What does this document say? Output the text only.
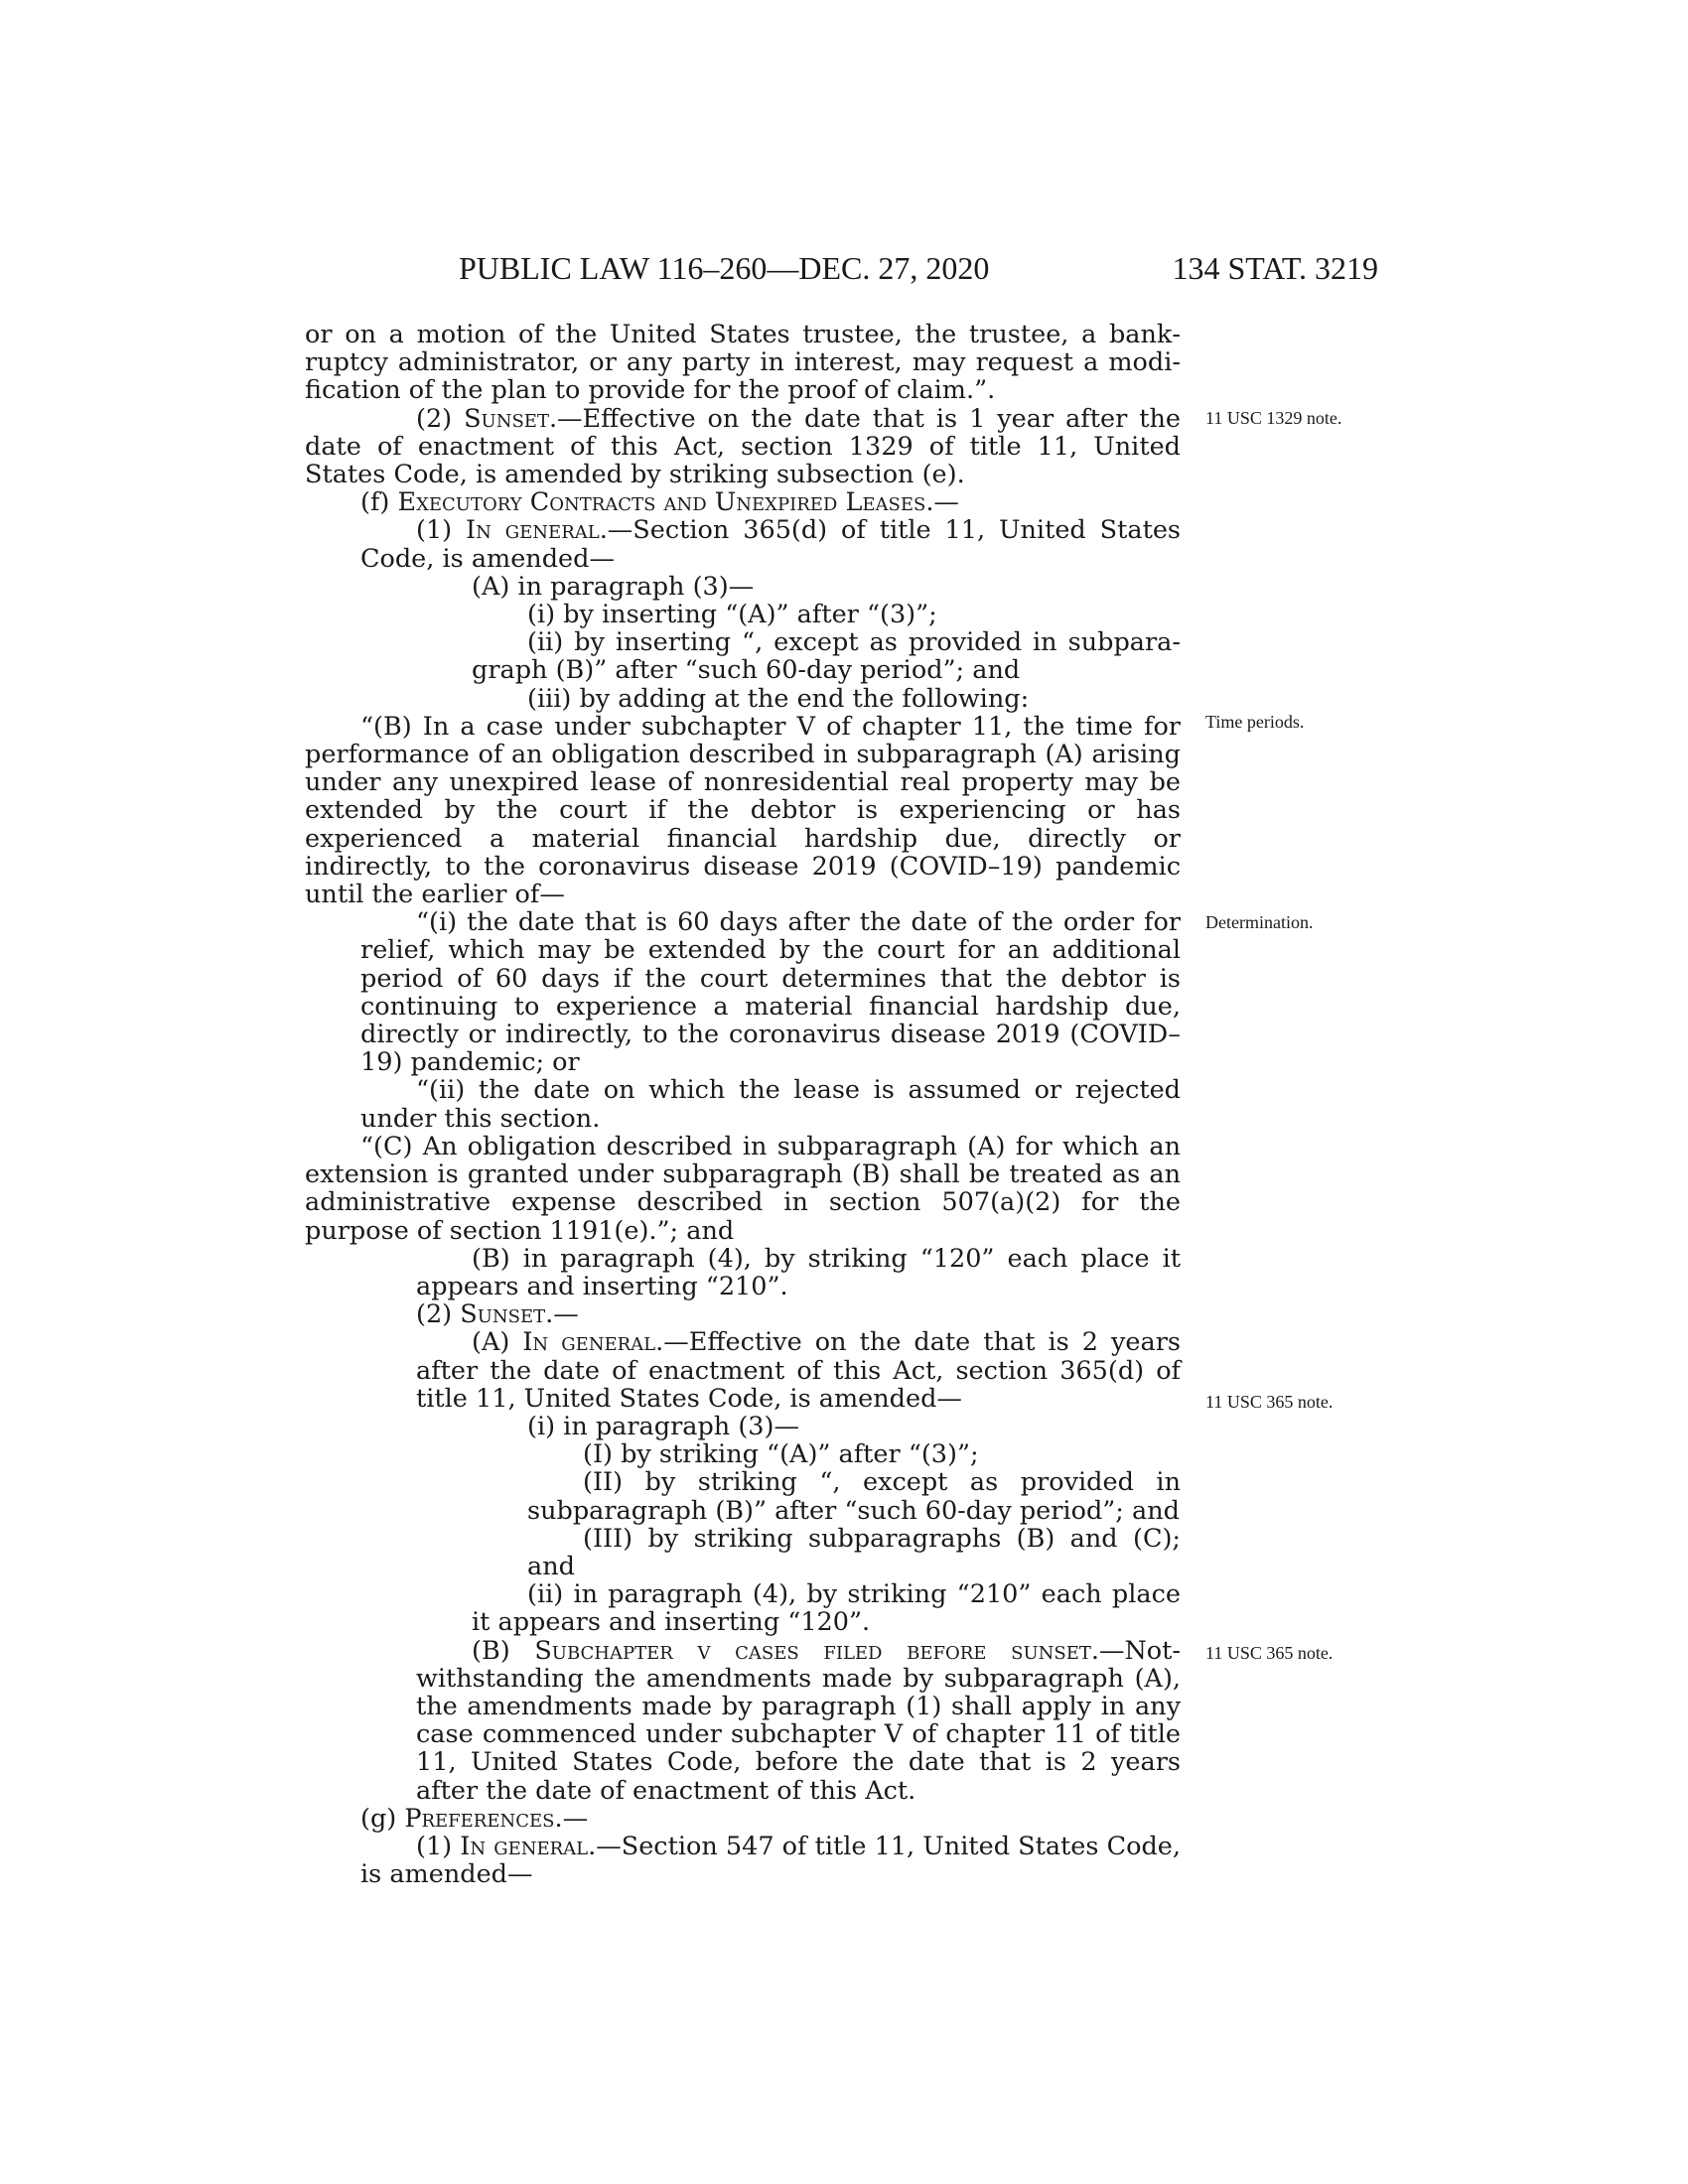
PUBLIC LAW 116–260—DEC. 27, 2020	134 STAT. 3219

or on a motion of the United States trustee, the trustee, a bankruptcy administrator, or any party in interest, may request a modification of the plan to provide for the proof of claim.”.

(2) Sunset.—Effective on the date that is 1 year after the date of enactment of this Act, section 1329 of title 11, United States Code, is amended by striking subsection (e).

(f) Executory Contracts and Unexpired Leases.—

(1) In general.—Section 365(d) of title 11, United States Code, is amended—

(A) in paragraph (3)—

(i) by inserting “(A)” after “(3)”;

(ii) by inserting “, except as provided in subparagraph (B)” after “such 60-day period”; and

(iii) by adding at the end the following:

“(B) In a case under subchapter V of chapter 11, the time for performance of an obligation described in subparagraph (A) arising under any unexpired lease of nonresidential real property may be extended by the court if the debtor is experiencing or has experienced a material financial hardship due, directly or indirectly, to the coronavirus disease 2019 (COVID–19) pandemic until the earlier of—

“(i) the date that is 60 days after the date of the order for relief, which may be extended by the court for an additional period of 60 days if the court determines that the debtor is continuing to experience a material financial hardship due, directly or indirectly, to the coronavirus disease 2019 (COVID–19) pandemic; or

“(ii) the date on which the lease is assumed or rejected under this section.

“(C) An obligation described in subparagraph (A) for which an extension is granted under subparagraph (B) shall be treated as an administrative expense described in section 507(a)(2) for the purpose of section 1191(e).”; and

(B) in paragraph (4), by striking “120” each place it appears and inserting “210”.

(2) Sunset.—

(A) In general.—Effective on the date that is 2 years after the date of enactment of this Act, section 365(d) of title 11, United States Code, is amended—

(i) in paragraph (3)—

(I) by striking “(A)” after “(3)”;

(II) by striking “, except as provided in subparagraph (B)” after “such 60-day period”; and

(III) by striking subparagraphs (B) and (C); and

(ii) in paragraph (4), by striking “210” each place it appears and inserting “120”.

(B) Subchapter v cases filed before sunset.—Notwithstanding the amendments made by subparagraph (A), the amendments made by paragraph (1) shall apply in any case commenced under subchapter V of chapter 11 of title 11, United States Code, before the date that is 2 years after the date of enactment of this Act.

(g) Preferences.—

(1) In general.—Section 547 of title 11, United States Code, is amended—

11 USC 1329 note.
Time periods.
Determination.
11 USC 365 note.
11 USC 365 note.
